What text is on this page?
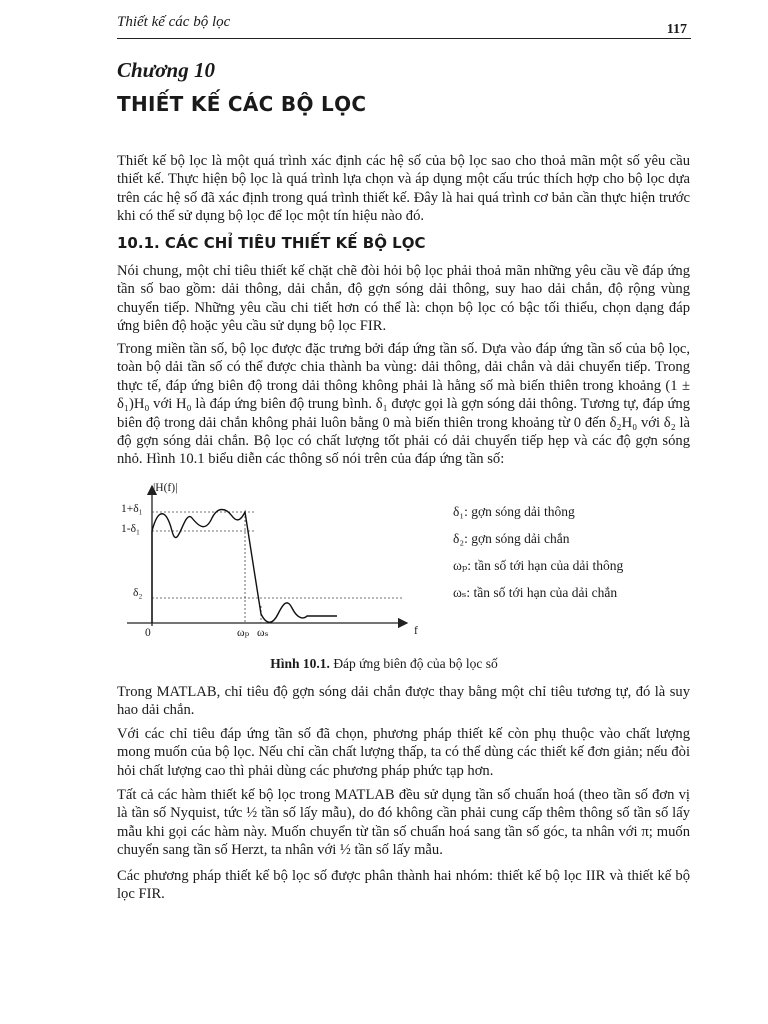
Thiết kế các bộ lọc	117
Chương 10
THIẾT KẾ CÁC BỘ LỌC

Thiết kế bộ lọc là một quá trình xác định các hệ số của bộ lọc sao cho thoả mãn một số yêu cầu thiết kế. Thực hiện bộ lọc là quá trình lựa chọn và áp dụng một cấu trúc thích hợp cho bộ lọc dựa trên các hệ số đã xác định trong quá trình thiết kế. Đây là hai quá trình cơ bản cần thực hiện trước khi có thể sử dụng bộ lọc để lọc một tín hiệu nào đó.

10.1. CÁC CHỈ TIÊU THIẾT KẾ BỘ LỌC

Nói chung, một chỉ tiêu thiết kế chặt chẽ đòi hỏi bộ lọc phải thoả mãn những yêu cầu về đáp ứng tần số bao gồm: dải thông, dải chắn, độ gợn sóng dải thông, suy hao dải chắn, độ rộng vùng chuyển tiếp. Những yêu cầu chi tiết hơn có thể là: chọn bộ lọc có bậc tối thiểu, chọn dạng đáp ứng biên độ hoặc yêu cầu sử dụng bộ lọc FIR.

Trong miền tần số, bộ lọc được đặc trưng bởi đáp ứng tần số. Dựa vào đáp ứng tần số của bộ lọc, toàn bộ dải tần số có thể được chia thành ba vùng: dải thông, dải chắn và dải chuyển tiếp. Trong thực tế, đáp ứng biên độ trong dải thông không phải là hằng số mà biến thiên trong khoảng (1 ± δ₁)H₀ với H₀ là đáp ứng biên độ trung bình. δ₁ được gọi là gợn sóng dải thông. Tương tự, đáp ứng biên độ trong dải chắn không phải luôn bằng 0 mà biến thiên trong khoảng từ 0 đến δ₂H₀ với δ₂ là độ gợn sóng dải chắn. Bộ lọc có chất lượng tốt phải có dải chuyển tiếp hẹp và các độ gợn sóng nhỏ. Hình 10.1 biểu diễn các thông số nói trên của đáp ứng tần số:

|H(f)|
1+δ₁
1-δ₁
δ₂
0	ωₚ ωₛ	f
δ₁: gợn sóng dải thông
δ₂: gợn sóng dải chắn
ωₚ: tần số tới hạn của dải thông
ωₛ: tần số tới hạn của dải chắn
Hình 10.1. Đáp ứng biên độ của bộ lọc số

Trong MATLAB, chỉ tiêu độ gợn sóng dải chắn được thay bằng một chỉ tiêu tương tự, đó là suy hao dải chắn.

Với các chỉ tiêu đáp ứng tần số đã chọn, phương pháp thiết kế còn phụ thuộc vào chất lượng mong muốn của bộ lọc. Nếu chỉ cần chất lượng thấp, ta có thể dùng các thiết kế đơn giản; nếu đòi hỏi chất lượng cao thì phải dùng các phương pháp phức tạp hơn.

Tất cả các hàm thiết kế bộ lọc trong MATLAB đều sử dụng tần số chuẩn hoá (theo tần số đơn vị là tần số Nyquist, tức ½ tần số lấy mẫu), do đó không cần phải cung cấp thêm thông số tần số lấy mẫu khi gọi các hàm này. Muốn chuyển từ tần số chuẩn hoá sang tần số góc, ta nhân với π; muốn chuyển sang tần số Herzt, ta nhân với ½ tần số lấy mẫu.

Các phương pháp thiết kế bộ lọc số được phân thành hai nhóm: thiết kế bộ lọc IIR và thiết kế bộ lọc FIR.
